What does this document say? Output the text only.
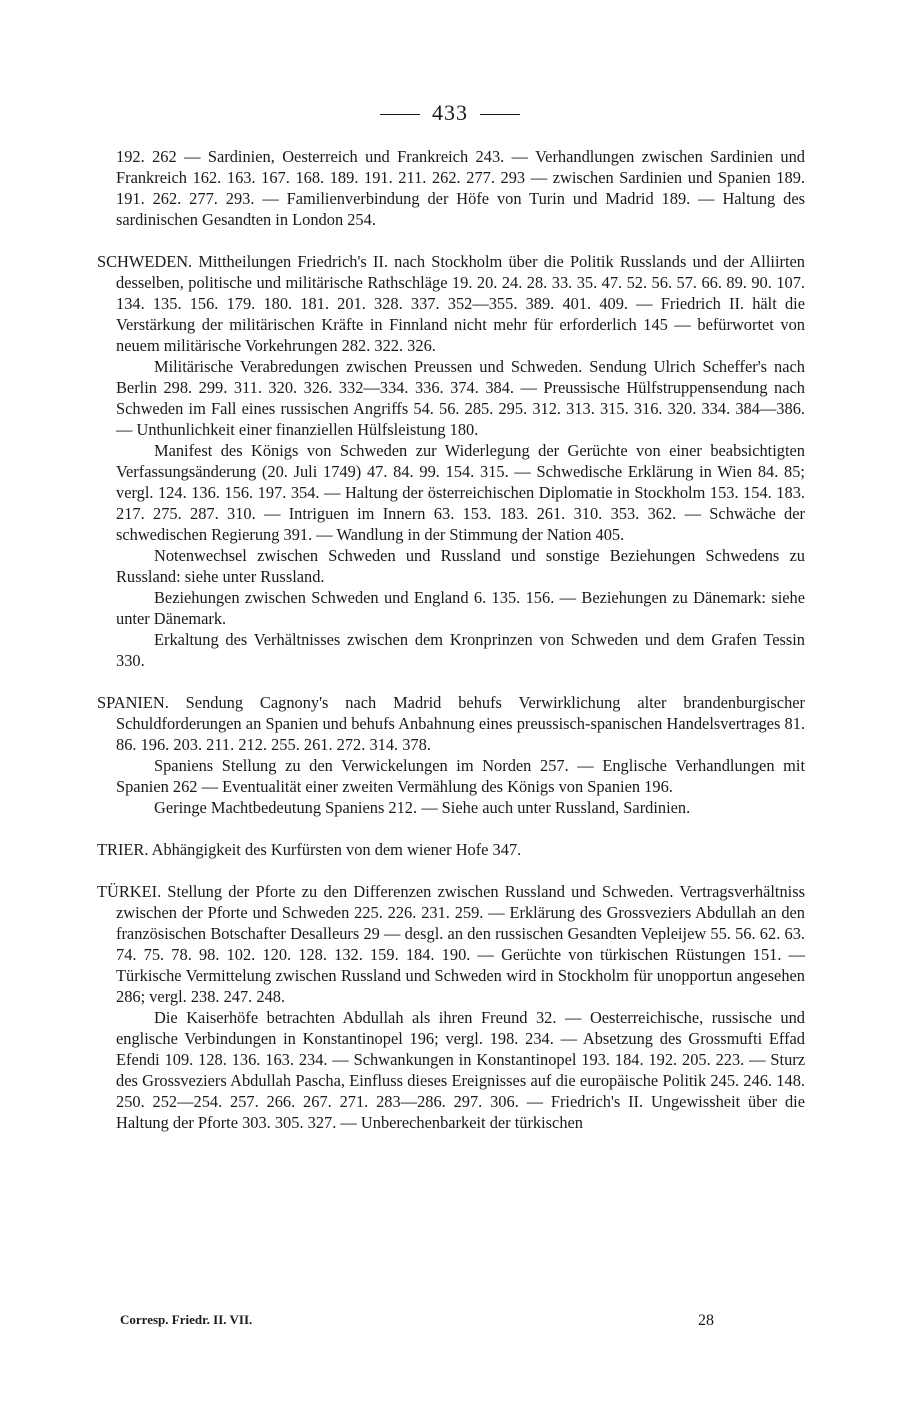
433

192. 262 — Sardinien, Oesterreich und Frankreich 243. — Verhandlungen zwischen Sardinien und Frankreich 162. 163. 167. 168. 189. 191. 211. 262. 277. 293 — zwischen Sardinien und Spanien 189. 191. 262. 277. 293. — Familienverbindung der Höfe von Turin und Madrid 189. — Haltung des sardinischen Gesandten in London 254.

SCHWEDEN. Mittheilungen Friedrich's II. nach Stockholm über die Politik Russlands und der Alliirten desselben, politische und militärische Rathschläge 19. 20. 24. 28. 33. 35. 47. 52. 56. 57. 66. 89. 90. 107. 134. 135. 156. 179. 180. 181. 201. 328. 337. 352—355. 389. 401. 409. — Friedrich II. hält die Verstärkung der militärischen Kräfte in Finnland nicht mehr für erforderlich 145 — befürwortet von neuem militärische Vorkehrungen 282. 322. 326.

Militärische Verabredungen zwischen Preussen und Schweden. Sendung Ulrich Scheffer's nach Berlin 298. 299. 311. 320. 326. 332—334. 336. 374. 384. — Preussische Hülfstruppensendung nach Schweden im Fall eines russischen Angriffs 54. 56. 285. 295. 312. 313. 315. 316. 320. 334. 384—386. — Unthunlichkeit einer finanziellen Hülfsleistung 180.

Manifest des Königs von Schweden zur Widerlegung der Gerüchte von einer beabsichtigten Verfassungsänderung (20. Juli 1749) 47. 84. 99. 154. 315. — Schwedische Erklärung in Wien 84. 85; vergl. 124. 136. 156. 197. 354. — Haltung der österreichischen Diplomatie in Stockholm 153. 154. 183. 217. 275. 287. 310. — Intriguen im Innern 63. 153. 183. 261. 310. 353. 362. — Schwäche der schwedischen Regierung 391. — Wandlung in der Stimmung der Nation 405.

Notenwechsel zwischen Schweden und Russland und sonstige Beziehungen Schwedens zu Russland: siehe unter Russland.

Beziehungen zwischen Schweden und England 6. 135. 156. — Beziehungen zu Dänemark: siehe unter Dänemark.

Erkaltung des Verhältnisses zwischen dem Kronprinzen von Schweden und dem Grafen Tessin 330.

SPANIEN. Sendung Cagnony's nach Madrid behufs Verwirklichung alter brandenburgischer Schuldforderungen an Spanien und behufs Anbahnung eines preussisch-spanischen Handelsvertrages 81. 86. 196. 203. 211. 212. 255. 261. 272. 314. 378.

Spaniens Stellung zu den Verwickelungen im Norden 257. — Englische Verhandlungen mit Spanien 262 — Eventualität einer zweiten Vermählung des Königs von Spanien 196.

Geringe Machtbedeutung Spaniens 212. — Siehe auch unter Russland, Sardinien.

TRIER. Abhängigkeit des Kurfürsten von dem wiener Hofe 347.

TÜRKEI. Stellung der Pforte zu den Differenzen zwischen Russland und Schweden. Vertragsverhältniss zwischen der Pforte und Schweden 225. 226. 231. 259. — Erklärung des Grossveziers Abdullah an den französischen Botschafter Desalleurs 29 — desgl. an den russischen Gesandten Vepleijew 55. 56. 62. 63. 74. 75. 78. 98. 102. 120. 128. 132. 159. 184. 190. — Gerüchte von türkischen Rüstungen 151. — Türkische Vermittelung zwischen Russland und Schweden wird in Stockholm für unopportun angesehen 286; vergl. 238. 247. 248.

Die Kaiserhöfe betrachten Abdullah als ihren Freund 32. — Oesterreichische, russische und englische Verbindungen in Konstantinopel 196; vergl. 198. 234. — Absetzung des Grossmufti Effad Efendi 109. 128. 136. 163. 234. — Schwankungen in Konstantinopel 193. 184. 192. 205. 223. — Sturz des Grossveziers Abdullah Pascha, Einfluss dieses Ereignisses auf die europäische Politik 245. 246. 148. 250. 252—254. 257. 266. 267. 271. 283—286. 297. 306. — Friedrich's II. Ungewissheit über die Haltung der Pforte 303. 305. 327. — Unberechenbarkeit der türkischen

Corresp. Friedr. II. VII.	28
